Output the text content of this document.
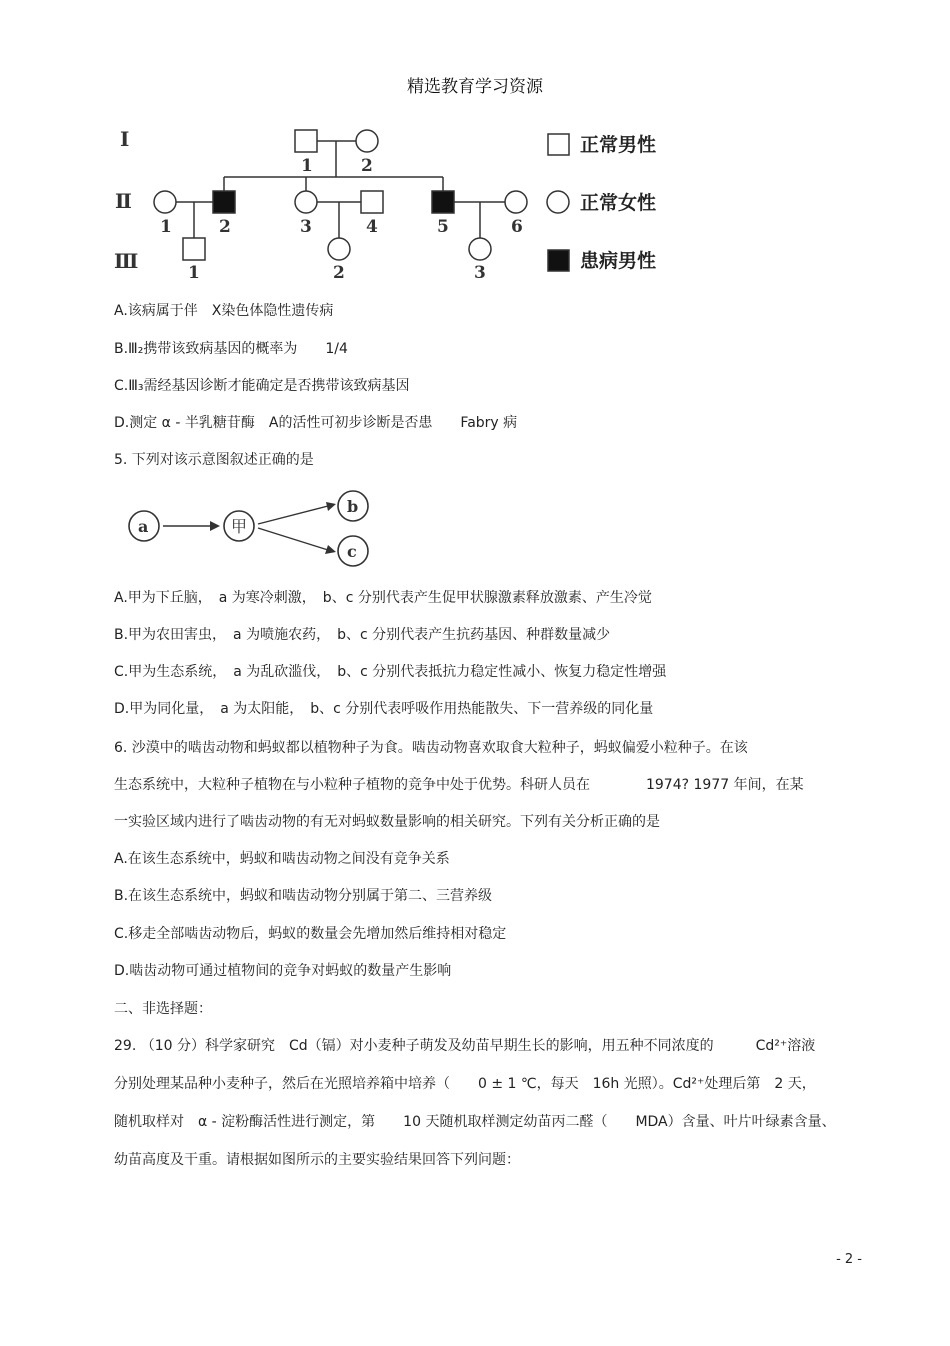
精选教育学习资源
Ⅰ
Ⅱ
Ⅲ
1	2
1	2	3	4	5	6
1	2	3
正常男性
正常女性
患病男性
A.该病属于伴　X染色体隐性遗传病
B.Ⅲ₂携带该致病基因的概率为　　1/4
C.Ⅲ₃需经基因诊断才能确定是否携带该致病基因
D.测定 α - 半乳糖苷酶　A的活性可初步诊断是否患　　Fabry 病
5. 下列对该示意图叙述正确的是
a	甲
b
c
A.甲为下丘脑，　a 为寒冷刺激，　b、c 分别代表产生促甲状腺激素释放激素、产生冷觉
B.甲为农田害虫，　a 为喷施农药，　b、c 分别代表产生抗药基因、种群数量减少
C.甲为生态系统，　a 为乱砍滥伐，　b、c 分别代表抵抗力稳定性减小、恢复力稳定性增强
D.甲为同化量，　a 为太阳能，　b、c 分别代表呼吸作用热能散失、下一营养级的同化量
6. 沙漠中的啮齿动物和蚂蚁都以植物种子为食。啮齿动物喜欢取食大粒种子，蚂蚁偏爱小粒种子。在该
生态系统中，大粒种子植物在与小粒种子植物的竞争中处于优势。科研人员在　　　　1974? 1977 年间，在某
一实验区域内进行了啮齿动物的有无对蚂蚁数量影响的相关研究。下列有关分析正确的是
A.在该生态系统中，蚂蚁和啮齿动物之间没有竞争关系
B.在该生态系统中，蚂蚁和啮齿动物分别属于第二、三营养级
C.移走全部啮齿动物后，蚂蚁的数量会先增加然后维持相对稳定
D.啮齿动物可通过植物间的竞争对蚂蚁的数量产生影响
二、非选择题：
29. （10 分）科学家研究　Cd（镉）对小麦种子萌发及幼苗早期生长的影响，用五种不同浓度的　　　Cd²⁺溶液
分别处理某品种小麦种子，然后在光照培养箱中培养（　　0 ± 1 ℃，每天　16h 光照）。Cd²⁺处理后第　2 天，
随机取样对　α - 淀粉酶活性进行测定，第　　10 天随机取样测定幼苗丙二醛（　　MDA）含量、叶片叶绿素含量、
幼苗高度及干重。请根据如图所示的主要实验结果回答下列问题：
- 2 -
